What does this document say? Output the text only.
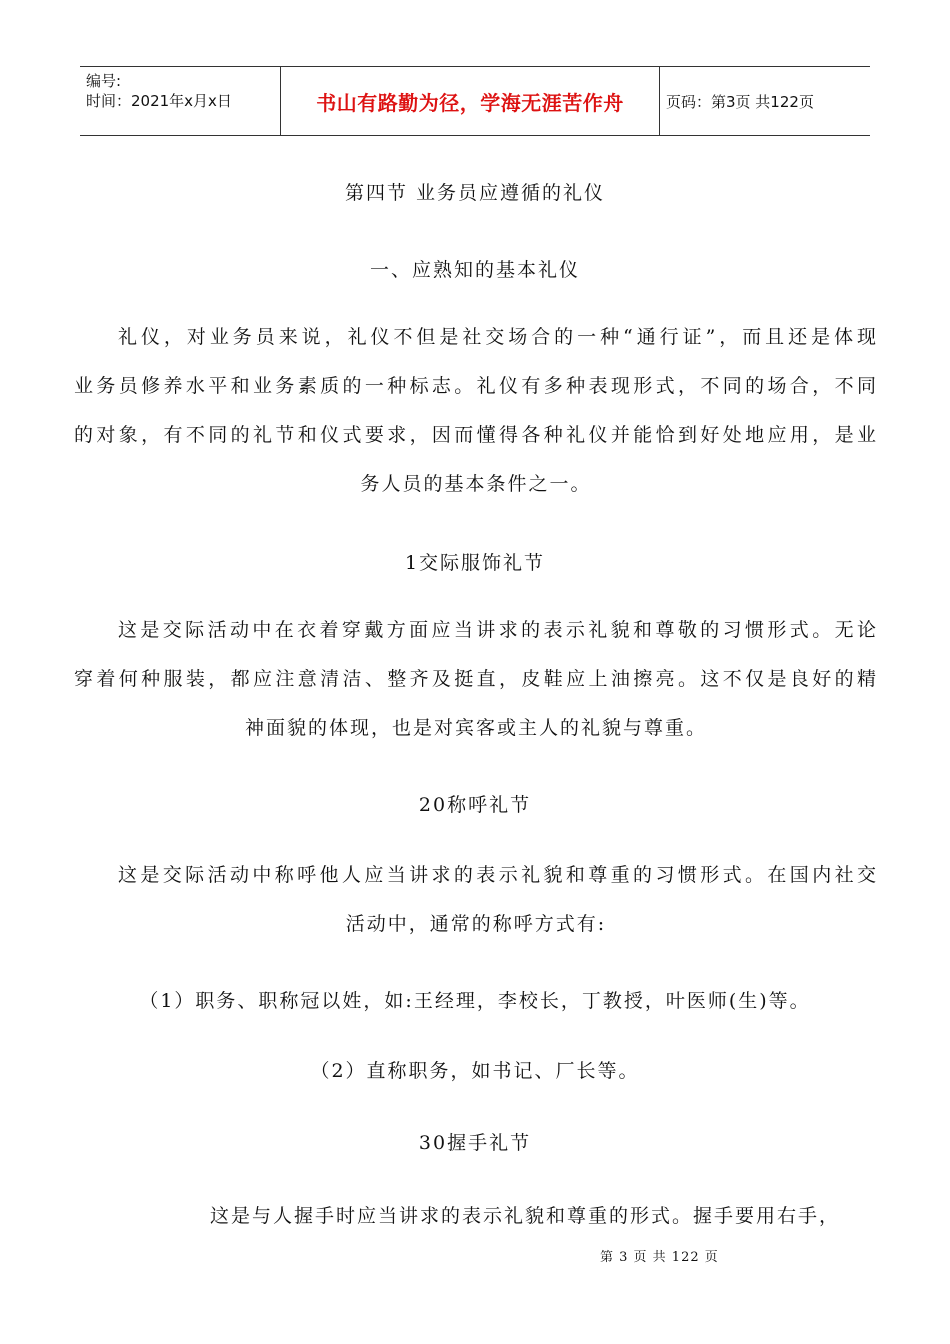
编号:
时间：2021年x月x日	书山有路勤为径，学海无涯苦作舟	页码：第3页 共122页
第四节 业务员应遵循的礼仪
一、应熟知的基本礼仪
礼仪，对业务员来说，礼仪不但是社交场合的一种“通行证”，而且还是体现
业务员修养水平和业务素质的一种标志。礼仪有多种表现形式，不同的场合，不同
的对象，有不同的礼节和仪式要求，因而懂得各种礼仪并能恰到好处地应用，是业
务人员的基本条件之一。
1交际服饰礼节
这是交际活动中在衣着穿戴方面应当讲求的表示礼貌和尊敬的习惯形式。无论
穿着何种服装，都应注意清洁、整齐及挺直，皮鞋应上油擦亮。这不仅是良好的精
神面貌的体现，也是对宾客或主人的礼貌与尊重。
20称呼礼节
这是交际活动中称呼他人应当讲求的表示礼貌和尊重的习惯形式。在国内社交
活动中，通常的称呼方式有:
（1）职务、职称冠以姓，如:王经理，李校长，丁教授，叶医师(生)等。
（2）直称职务，如书记、厂长等。
30握手礼节
这是与人握手时应当讲求的表示礼貌和尊重的形式。握手要用右手，
第 3 页 共 122 页
